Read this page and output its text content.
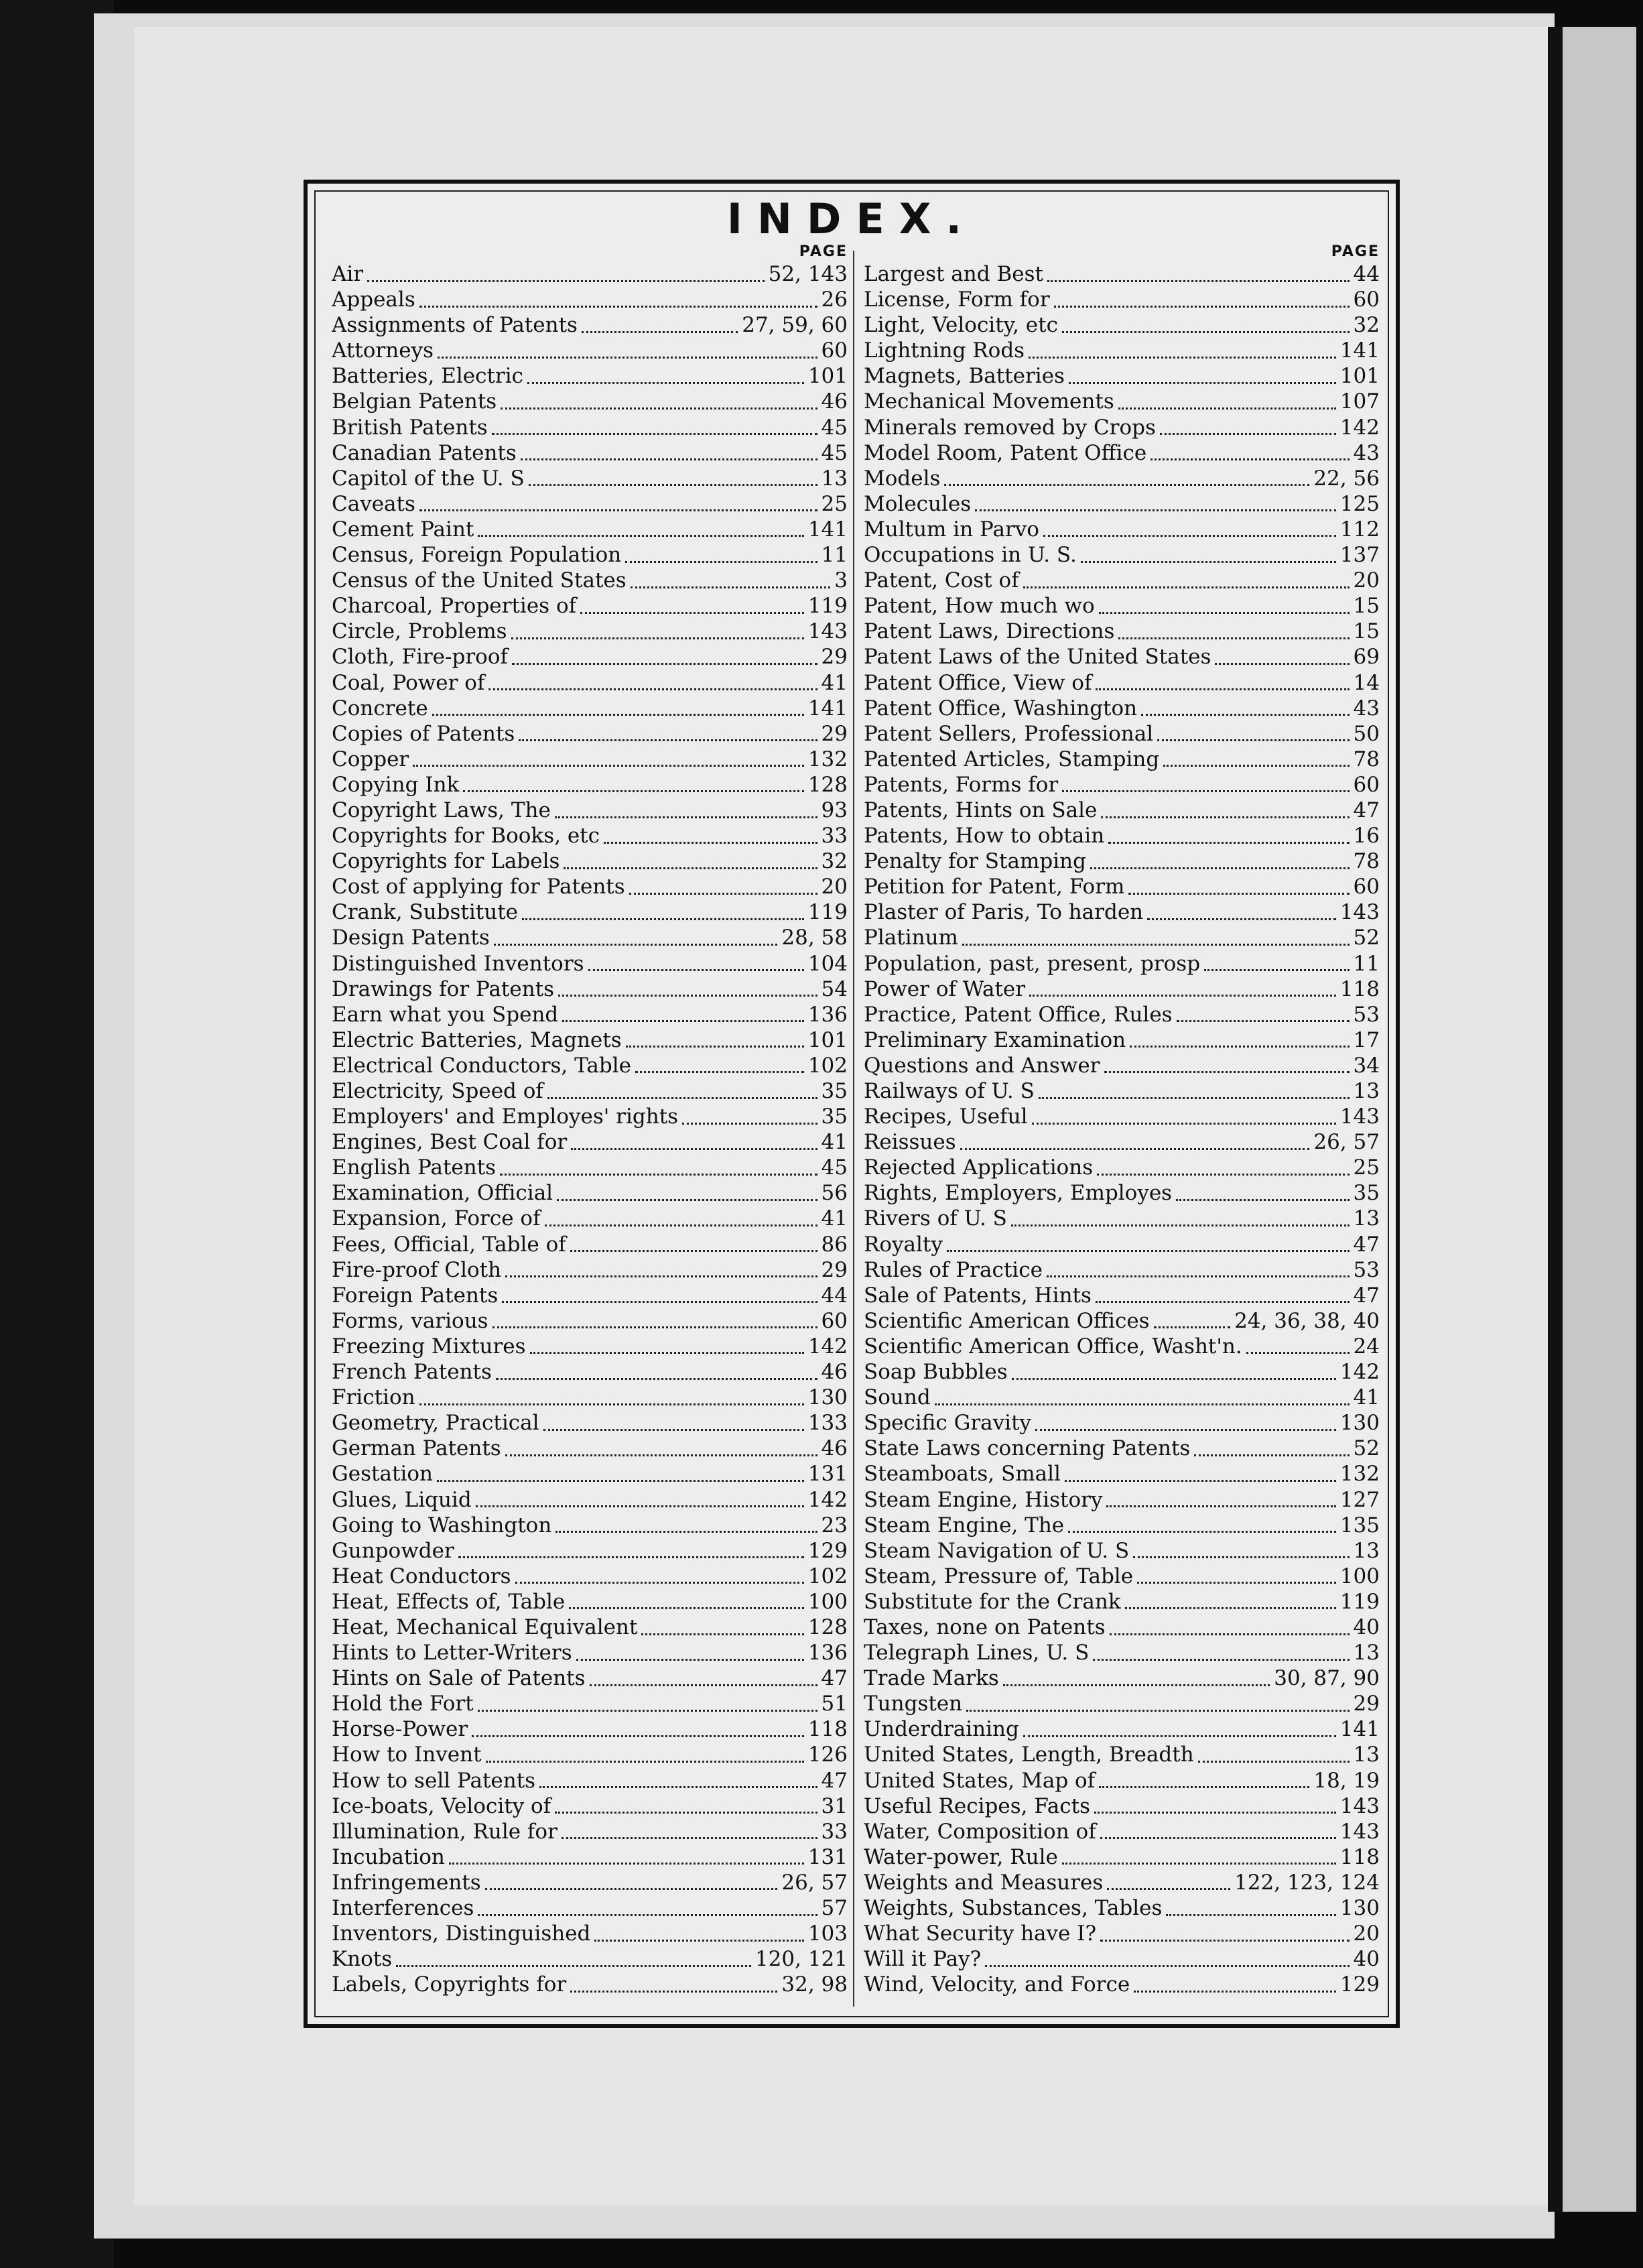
INDEX.
PAGE
Air	52, 143
Appeals	26
Assignments of Patents	27, 59, 60
Attorneys	60
Batteries, Electric	101
Belgian Patents	46
British Patents	45
Canadian Patents	45
Capitol of the U. S	13
Caveats	25
Cement Paint	141
Census, Foreign Population	11
Census of the United States	3
Charcoal, Properties of	119
Circle, Problems	143
Cloth, Fire-proof	29
Coal, Power of	41
Concrete	141
Copies of Patents	29
Copper	132
Copying Ink	128
Copyright Laws, The	93
Copyrights for Books, etc	33
Copyrights for Labels	32
Cost of applying for Patents	20
Crank, Substitute	119
Design Patents	28, 58
Distinguished Inventors	104
Drawings for Patents	54
Earn what you Spend	136
Electric Batteries, Magnets	101
Electrical Conductors, Table	102
Electricity, Speed of	35
Employers' and Employes' rights	35
Engines, Best Coal for	41
English Patents	45
Examination, Official	56
Expansion, Force of	41
Fees, Official, Table of	86
Fire-proof Cloth	29
Foreign Patents	44
Forms, various	60
Freezing Mixtures	142
French Patents	46
Friction	130
Geometry, Practical	133
German Patents	46
Gestation	131
Glues, Liquid	142
Going to Washington	23
Gunpowder	129
Heat Conductors	102
Heat, Effects of, Table	100
Heat, Mechanical Equivalent	128
Hints to Letter-Writers	136
Hints on Sale of Patents	47
Hold the Fort	51
Horse-Power	118
How to Invent	126
How to sell Patents	47
Ice-boats, Velocity of	31
Illumination, Rule for	33
Incubation	131
Infringements	26, 57
Interferences	57
Inventors, Distinguished	103
Knots	120, 121
Labels, Copyrights for	32, 98
PAGE
Largest and Best	44
License, Form for	60
Light, Velocity, etc	32
Lightning Rods	141
Magnets, Batteries	101
Mechanical Movements	107
Minerals removed by Crops	142
Model Room, Patent Office	43
Models	22, 56
Molecules	125
Multum in Parvo	112
Occupations in U. S.	137
Patent, Cost of	20
Patent, How much wo	15
Patent Laws, Directions	15
Patent Laws of the United States	69
Patent Office, View of	14
Patent Office, Washington	43
Patent Sellers, Professional	50
Patented Articles, Stamping	78
Patents, Forms for	60
Patents, Hints on Sale	47
Patents, How to obtain	16
Penalty for Stamping	78
Petition for Patent, Form	60
Plaster of Paris, To harden	143
Platinum	52
Population, past, present, prosp	11
Power of Water	118
Practice, Patent Office, Rules	53
Preliminary Examination	17
Questions and Answer	34
Railways of U. S	13
Recipes, Useful	143
Reissues	26, 57
Rejected Applications	25
Rights, Employers, Employes	35
Rivers of U. S	13
Royalty	47
Rules of Practice	53
Sale of Patents, Hints	47
Scientific American Offices	24, 36, 38, 40
Scientific American Office, Washt'n.	24
Soap Bubbles	142
Sound	41
Specific Gravity	130
State Laws concerning Patents	52
Steamboats, Small	132
Steam Engine, History	127
Steam Engine, The	135
Steam Navigation of U. S	13
Steam, Pressure of, Table	100
Substitute for the Crank	119
Taxes, none on Patents	40
Telegraph Lines, U. S	13
Trade Marks	30, 87, 90
Tungsten	29
Underdraining	141
United States, Length, Breadth	13
United States, Map of	18, 19
Useful Recipes, Facts	143
Water, Composition of	143
Water-power, Rule	118
Weights and Measures	122, 123, 124
Weights, Substances, Tables	130
What Security have I?	20
Will it Pay?	40
Wind, Velocity, and Force	129
